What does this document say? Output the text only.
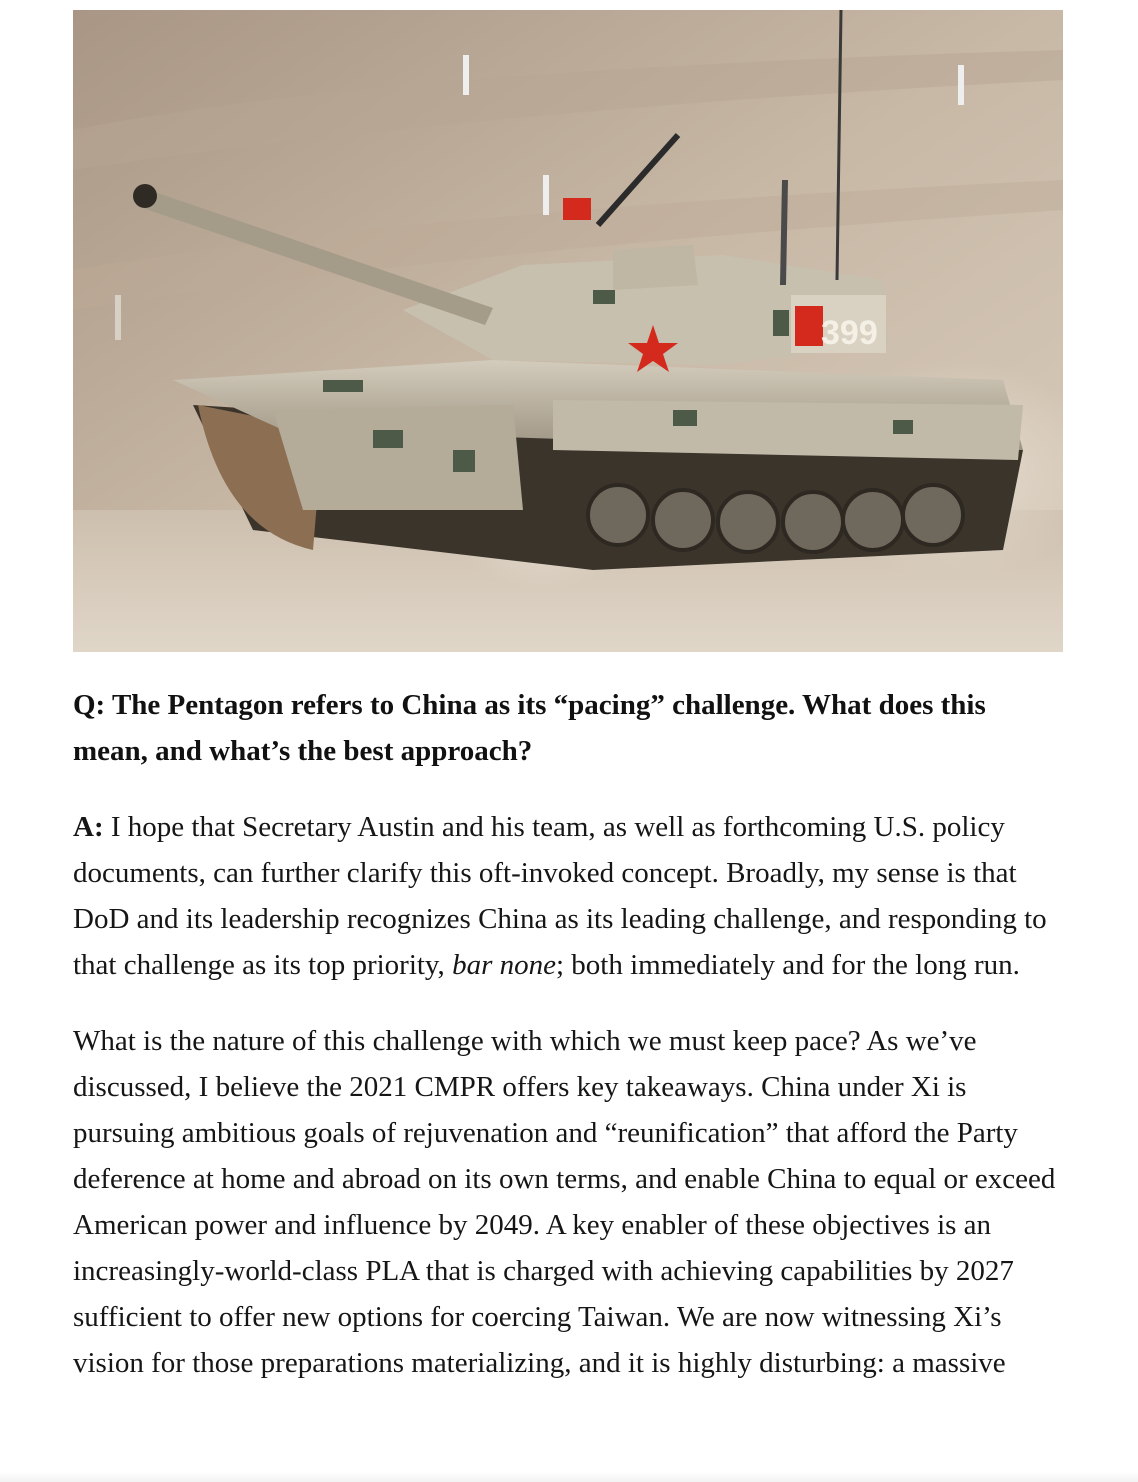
399

Q: The Pentagon refers to China as its “pacing” challenge. What does this mean, and what’s the best approach?

A: I hope that Secretary Austin and his team, as well as forthcoming U.S. policy documents, can further clarify this oft-invoked concept. Broadly, my sense is that DoD and its leadership recognizes China as its leading challenge, and responding to that challenge as its top priority, bar none; both immediately and for the long run.

What is the nature of this challenge with which we must keep pace? As we’ve discussed, I believe the 2021 CMPR offers key takeaways. China under Xi is pursuing ambitious goals of rejuvenation and “reunification” that afford the Party deference at home and abroad on its own terms, and enable China to equal or exceed American power and influence by 2049. A key enabler of these objectives is an increasingly-world-class PLA that is charged with achieving capabilities by 2027 sufficient to offer new options for coercing Taiwan. We are now witnessing Xi’s vision for those preparations materializing, and it is highly disturbing: a massive
